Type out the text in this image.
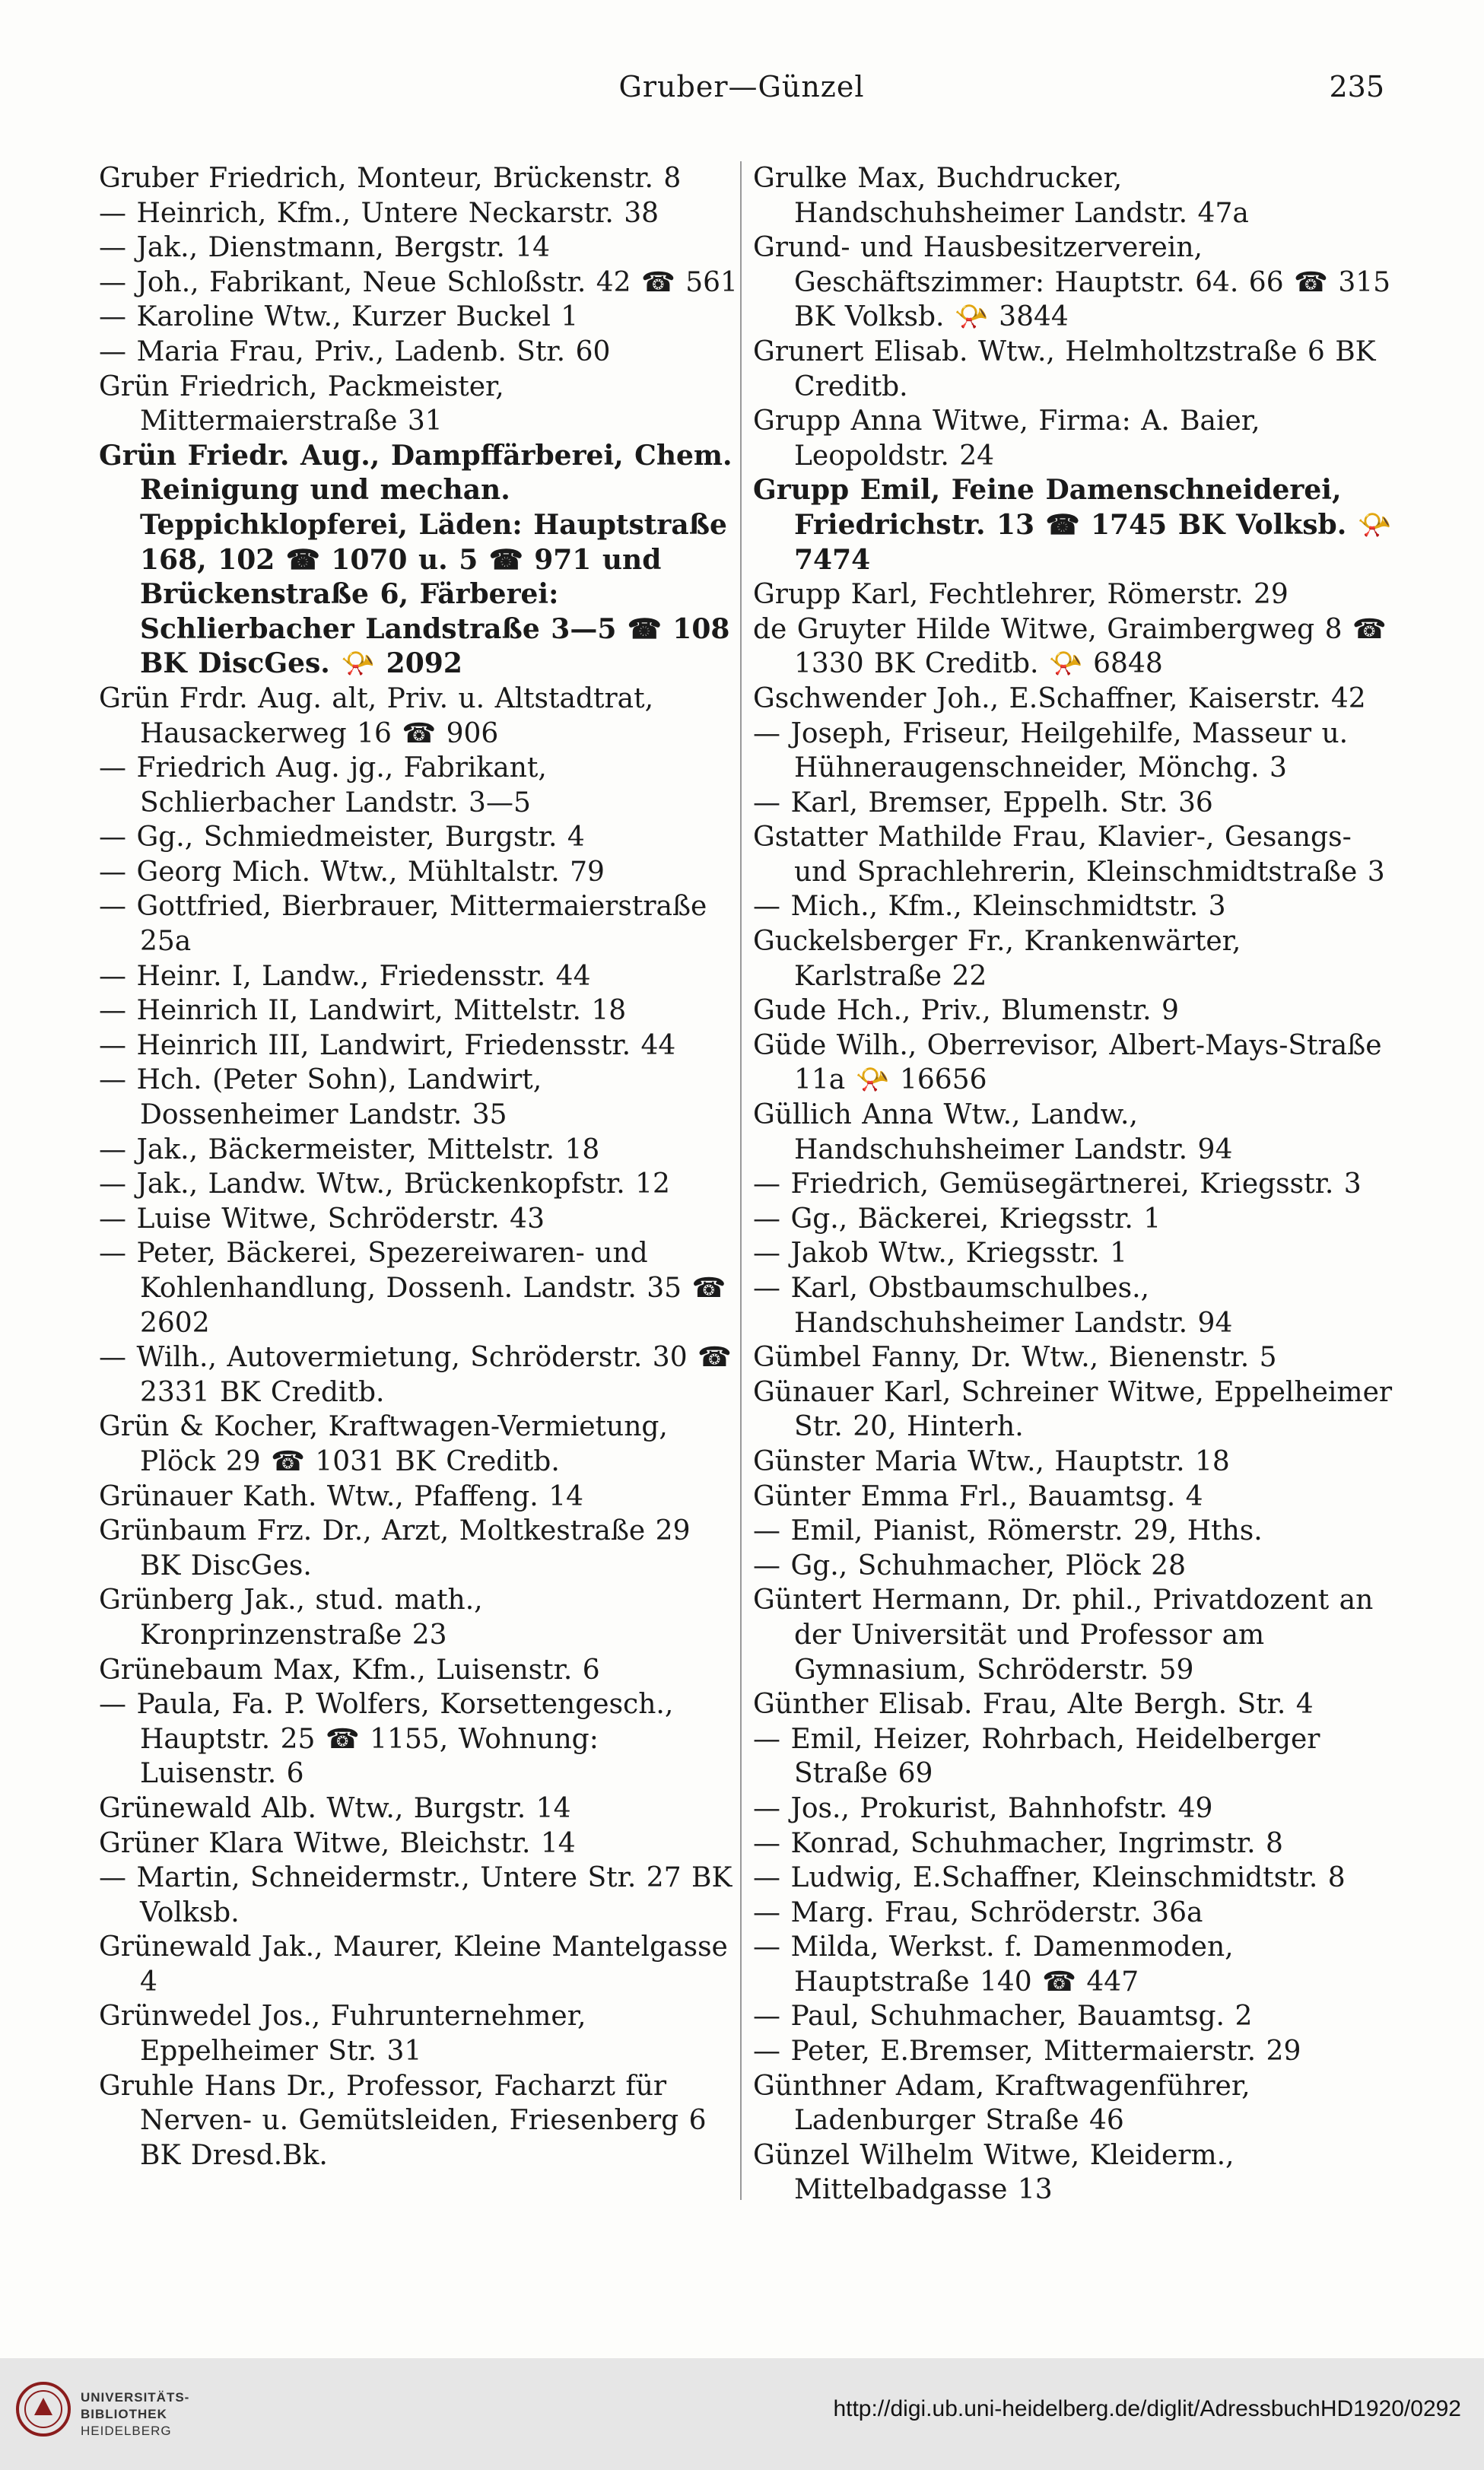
Gruber—Günzel	235
Gruber Friedrich, Monteur, Brückenstr. 8
— Heinrich, Kfm., Untere Neckarstr. 38
— Jak., Dienstmann, Bergstr. 14
— Joh., Fabrikant, Neue Schloßstr. 42 ☎ 561
— Karoline Wtw., Kurzer Buckel 1
— Maria Frau, Priv., Ladenb. Str. 60
Grün Friedrich, Packmeister, Mittermaierstraße 31
Grün Friedr. Aug., Dampffärberei, Chem. Reinigung und mechan. Teppichklopferei, Läden: Hauptstraße 168, 102 ☎ 1070 u. 5 ☎ 971 und Brückenstraße 6, Färberei: Schlierbacher Landstraße 3—5 ☎ 108 BK DiscGes. 📯 2092
Grün Frdr. Aug. alt, Priv. u. Altstadtrat, Hausackerweg 16 ☎ 906
— Friedrich Aug. jg., Fabrikant, Schlierbacher Landstr. 3—5
— Gg., Schmiedmeister, Burgstr. 4
— Georg Mich. Wtw., Mühltalstr. 79
— Gottfried, Bierbrauer, Mittermaierstraße 25a
— Heinr. I, Landw., Friedensstr. 44
— Heinrich II, Landwirt, Mittelstr. 18
— Heinrich III, Landwirt, Friedensstr. 44
— Hch. (Peter Sohn), Landwirt, Dossenheimer Landstr. 35
— Jak., Bäckermeister, Mittelstr. 18
— Jak., Landw. Wtw., Brückenkopfstr. 12
— Luise Witwe, Schröderstr. 43
— Peter, Bäckerei, Spezereiwaren- und Kohlenhandlung, Dossenh. Landstr. 35 ☎ 2602
— Wilh., Autovermietung, Schröderstr. 30 ☎ 2331 BK Creditb.
Grün & Kocher, Kraftwagen-Vermietung, Plöck 29 ☎ 1031 BK Creditb.
Grünauer Kath. Wtw., Pfaffeng. 14
Grünbaum Frz. Dr., Arzt, Moltkestraße 29 BK DiscGes.
Grünberg Jak., stud. math., Kronprinzenstraße 23
Grünebaum Max, Kfm., Luisenstr. 6
— Paula, Fa. P. Wolfers, Korsettengesch., Hauptstr. 25 ☎ 1155, Wohnung: Luisenstr. 6
Grünewald Alb. Wtw., Burgstr. 14
Grüner Klara Witwe, Bleichstr. 14
— Martin, Schneidermstr., Untere Str. 27 BK Volksb.
Grünewald Jak., Maurer, Kleine Mantelgasse 4
Grünwedel Jos., Fuhrunternehmer, Eppelheimer Str. 31
Gruhle Hans Dr., Professor, Facharzt für Nerven- u. Gemütsleiden, Friesenberg 6 BK Dresd.Bk.
Grulke Max, Buchdrucker, Handschuhsheimer Landstr. 47a
Grund- und Hausbesitzerverein, Geschäftszimmer: Hauptstr. 64. 66 ☎ 315 BK Volksb. 📯 3844
Grunert Elisab. Wtw., Helmholtzstraße 6 BK Creditb.
Grupp Anna Witwe, Firma: A. Baier, Leopoldstr. 24
Grupp Emil, Feine Damenschneiderei, Friedrichstr. 13 ☎ 1745 BK Volksb. 📯 7474
Grupp Karl, Fechtlehrer, Römerstr. 29
de Gruyter Hilde Witwe, Graimbergweg 8 ☎ 1330 BK Creditb. 📯 6848
Gschwender Joh., E.Schaffner, Kaiserstr. 42
— Joseph, Friseur, Heilgehilfe, Masseur u. Hühneraugenschneider, Mönchg. 3
— Karl, Bremser, Eppelh. Str. 36
Gstatter Mathilde Frau, Klavier-, Gesangs- und Sprachlehrerin, Kleinschmidtstraße 3
— Mich., Kfm., Kleinschmidtstr. 3
Guckelsberger Fr., Krankenwärter, Karlstraße 22
Gude Hch., Priv., Blumenstr. 9
Güde Wilh., Oberrevisor, Albert-Mays-Straße 11a 📯 16656
Güllich Anna Wtw., Landw., Handschuhsheimer Landstr. 94
— Friedrich, Gemüsegärtnerei, Kriegsstr. 3
— Gg., Bäckerei, Kriegsstr. 1
— Jakob Wtw., Kriegsstr. 1
— Karl, Obstbaumschulbes., Handschuhsheimer Landstr. 94
Gümbel Fanny, Dr. Wtw., Bienenstr. 5
Günauer Karl, Schreiner Witwe, Eppelheimer Str. 20, Hinterh.
Günster Maria Wtw., Hauptstr. 18
Günter Emma Frl., Bauamtsg. 4
— Emil, Pianist, Römerstr. 29, Hths.
— Gg., Schuhmacher, Plöck 28
Güntert Hermann, Dr. phil., Privatdozent an der Universität und Professor am Gymnasium, Schröderstr. 59
Günther Elisab. Frau, Alte Bergh. Str. 4
— Emil, Heizer, Rohrbach, Heidelberger Straße 69
— Jos., Prokurist, Bahnhofstr. 49
— Konrad, Schuhmacher, Ingrimstr. 8
— Ludwig, E.Schaffner, Kleinschmidtstr. 8
— Marg. Frau, Schröderstr. 36a
— Milda, Werkst. f. Damenmoden, Hauptstraße 140 ☎ 447
— Paul, Schuhmacher, Bauamtsg. 2
— Peter, E.Bremser, Mittermaierstr. 29
Günthner Adam, Kraftwagenführer, Ladenburger Straße 46
Günzel Wilhelm Witwe, Kleiderm., Mittelbadgasse 13
UNIVERSITÄTS-
BIBLIOTHEK
HEIDELBERG
http://digi.ub.uni-heidelberg.de/diglit/AdressbuchHD1920/0292
